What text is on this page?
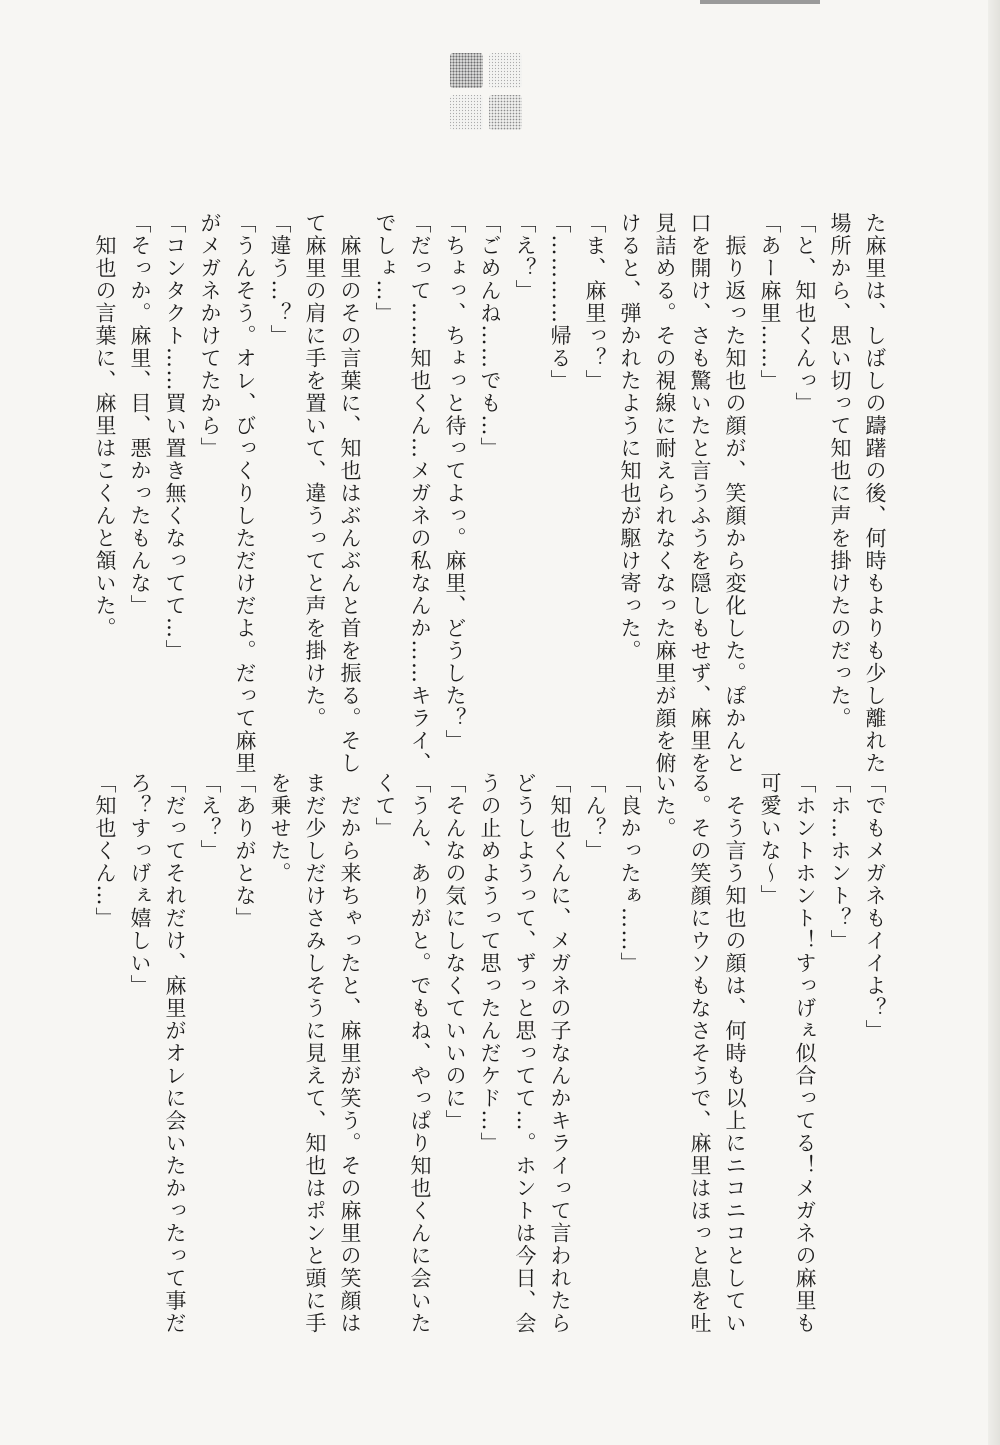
た麻里は、しばしの躊躇の後、何時もよりも少し離れた
場所から、思い切って知也に声を掛けたのだった。
「と、知也くんっ」
「あー麻里……」
　振り返った知也の顔が、笑顔から変化した。ぽかんと
口を開け、さも驚いたと言うふうを隠しもせず、麻里を
見詰める。その視線に耐えられなくなった麻里が顔を俯
けると、弾かれたように知也が駆け寄った。
「ま、麻里っ？」
「…………帰る」
「え？」
「ごめんね……でも…」
「ちょっ、ちょっと待ってよっ。麻里、どうした？」
「だって……知也くん…メガネの私なんか……キライ、
でしょ…」
　麻里のその言葉に、知也はぶんぶんと首を振る。そし
て麻里の肩に手を置いて、違うってと声を掛けた。
「違う…？」
「うんそう。オレ、びっくりしただけだよ。だって麻里
がメガネかけてたから」
「コンタクト……買い置き無くなってて…」
「そっか。麻里、目、悪かったもんな」
　知也の言葉に、麻里はこくんと頷いた。
「でもメガネもイイよ？」
「ホ…ホント？」
「ホントホント！すっげぇ似合ってる！メガネの麻里も
可愛いな～」
　そう言う知也の顔は、何時も以上にニコニコとしてい
る。その笑顔にウソもなさそうで、麻里はほっと息を吐
いた。
「良かったぁ……」
「ん？」
「知也くんに、メガネの子なんかキライって言われたら
どうしようって、ずっと思ってて…。ホントは今日、会
うの止めようって思ったんだケド…」
「そんなの気にしなくていいのに」
「うん、ありがと。でもね、やっぱり知也くんに会いた
くて」
　だから来ちゃったと、麻里が笑う。その麻里の笑顔は
まだ少しだけさみしそうに見えて、知也はポンと頭に手
を乗せた。
「ありがとな」
「え？」
「だってそれだけ、麻里がオレに会いたかったって事だ
ろ？すっげぇ嬉しい」
「知也くん…」
